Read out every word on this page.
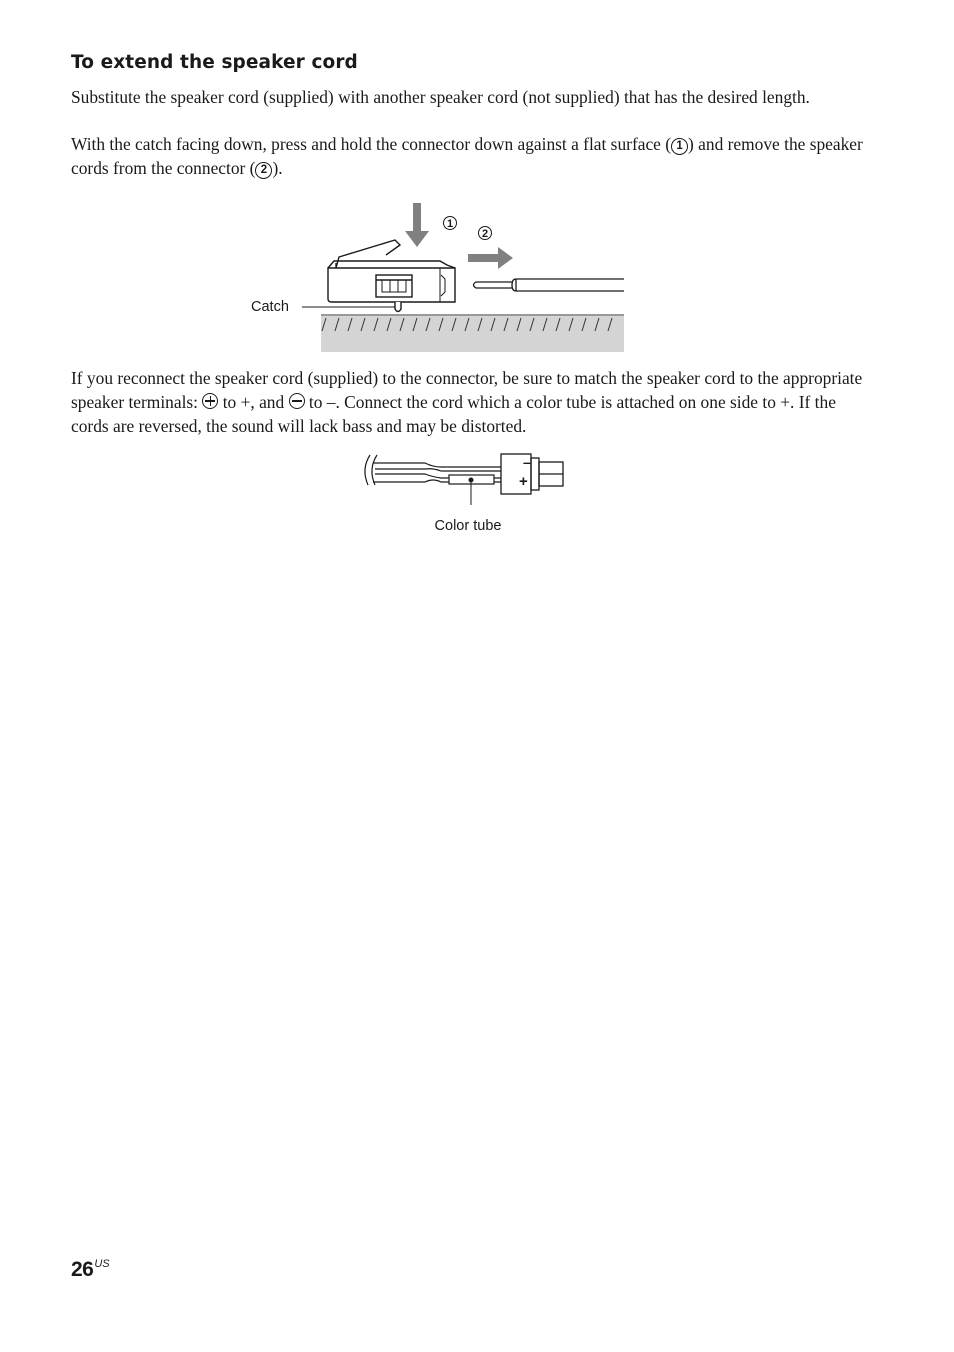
To extend the speaker cord

Substitute the speaker cord (supplied) with another speaker cord (not supplied) that has the desired length.

With the catch facing down, press and hold the connector down against a flat surface ( 1 ) and remove the speaker cords from the connector ( 2 ).

1
2
Catch

If you reconnect the speaker cord (supplied) to the connector, be sure to match the speaker cord to the appropriate speaker terminals:
to +, and
to –. Connect the cord which a color tube is attached on one side to +. If the cords are reversed, the sound will lack bass and may be distorted.

Color tube
–
+
$26^{US}$
